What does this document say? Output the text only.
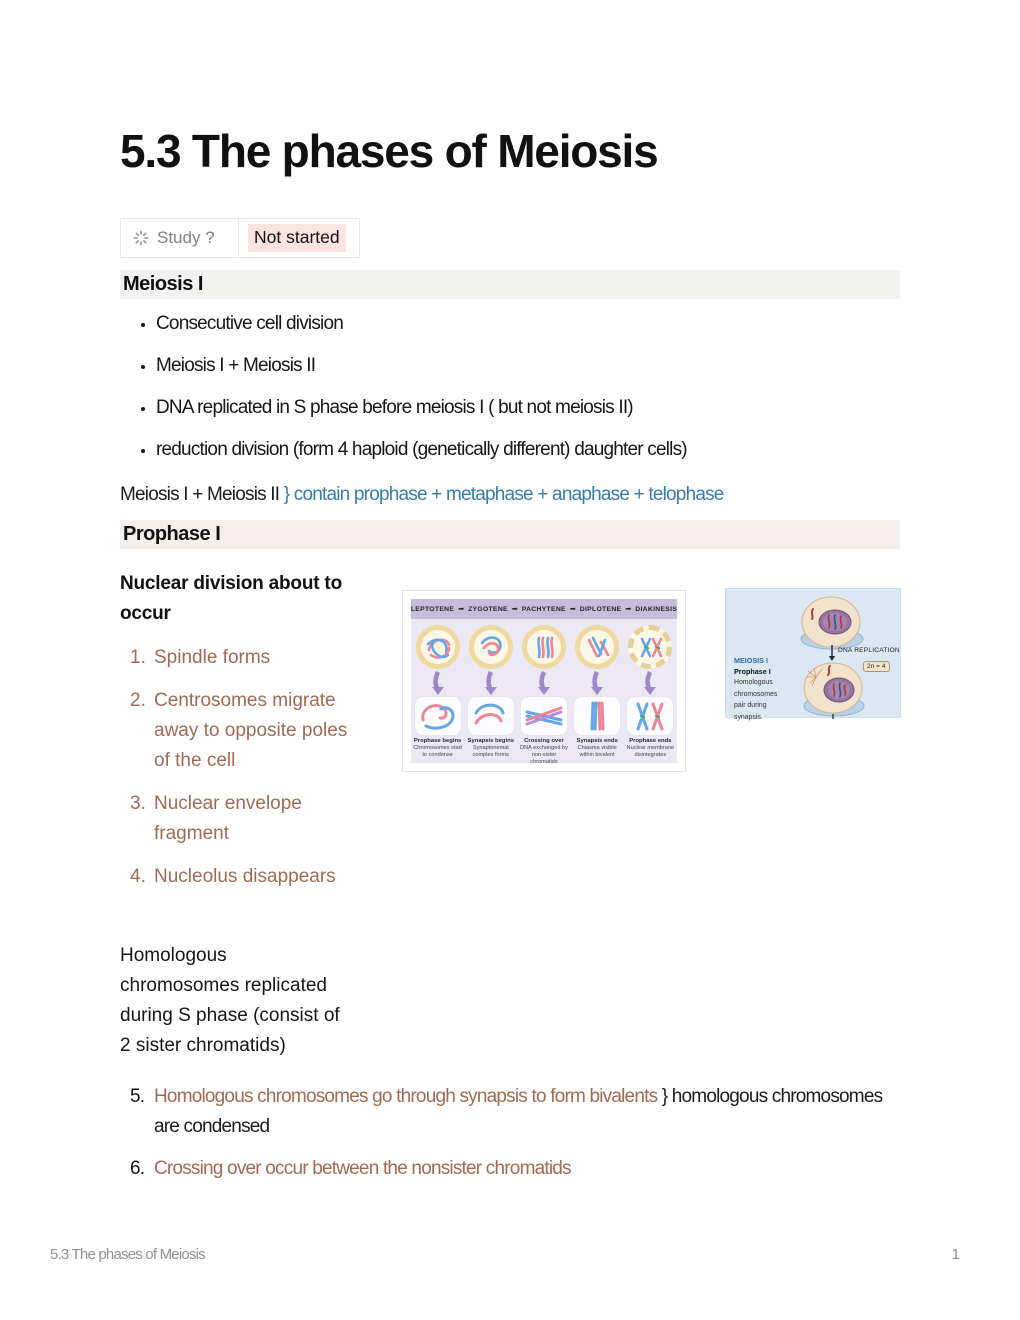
5.3 The phases of Meiosis
Study ?	Not started
Meiosis I
• Consecutive cell division
• Meiosis I + Meiosis II
• DNA replicated in S phase before meiosis I ( but not meiosis II)
• reduction division (form 4 haploid (genetically different) daughter cells)

Meiosis I + Meiosis II } contain prophase + metaphase + anaphase + telophase

Prophase I
Nuclear division about to occur
1. Spindle forms
2. Centrosomes migrate away to opposite poles of the cell
3. Nuclear envelope fragment
4. Nucleolus disappears
LEPTOTENE ➡ ZYGOTENE ➡ PACHYTENE ➡ DIPLOTENE ➡ DIAKINESIS
Prophase begins
Chromosomes start to condense
Synapsis begins
Synaptonemal complex forms
Crossing over
DNA exchanged by non-sister chromatids
Synapsis ends
Chiasma visible within bivalent
Prophase ends
Nuclear membrane disintegrates
MEIOSIS I
Prophase I
Homologous chromosomes pair during synapsis.
DNA REPLICATION
2n = 4

Homologous chromosomes replicated during S phase (consist of 2 sister chromatids)

5. Homologous chromosomes go through synapsis to form bivalents } homologous chromosomes are condensed
6. Crossing over occur between the nonsister chromatids
5.3 The phases of Meiosis	1
